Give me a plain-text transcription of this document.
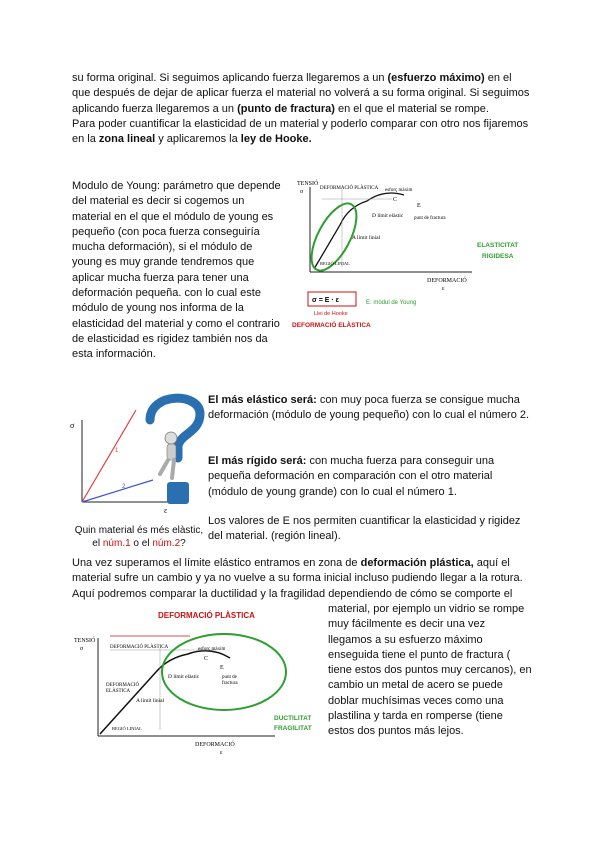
su forma original. Si seguimos aplicando fuerza llegaremos a un (esfuerzo máximo) en el que después de dejar de aplicar fuerza el material no volverá a su forma original. Si seguimos aplicando fuerza llegaremos a un (punto de fractura) en el que el material se rompe.
Para poder cuantificar la elasticidad de un material y poderlo comparar con otro nos fijaremos en la zona lineal y aplicaremos la ley de Hooke.

Modulo de Young: parámetro que depende del material es decir si cogemos un material en el que el módulo de young es pequeño (con poca fuerza conseguiría mucha deformación), si el módulo de young es muy grande tendremos que aplicar mucha fuerza para tener una deformación pequeña. con lo cual este módulo de young nos informa de la elasticidad del material y como el contrario de elasticidad es rigidez también nos da esta información.

TENSIÓ
σ
DEFORMACIÓ PLÀSTICA esforç màxim
C
D límit elàstic
E
punt de fractura
A límit linial
REGIÓ LINIAL
DEFORMACIÓ
ε
ELASTICITAT
RIGIDESA
σ = E · ε
Llei de Hooke
E: mòdul de Young
DEFORMACIÓ ELÀSTICA
σ
ε
1
2

Quin material és més elàstic,
el núm.1 o el núm.2?

El más elástico será: con muy poca fuerza se consigue mucha deformación (módulo de young pequeño) con lo cual el número 2.

El más rígido será: con mucha fuerza para conseguir una pequeña deformación en comparación con el otro material (módulo de young grande) con lo cual el número 1.

Los valores de E nos permiten cuantificar la elasticidad y rigidez del material. (región lineal).

Una vez superamos el límite elástico entramos en zona de deformación plástica, aquí el material sufre un cambio y ya no vuelve a su forma inicial incluso pudiendo llegar a la rotura. Aquí podremos comparar la ductilidad y la fragilidad dependiendo de cómo se comporte el

material, por ejemplo un vidrio se rompe muy fácilmente es decir una vez llegamos a su esfuerzo máximo enseguida tiene el punto de fractura ( tiene estos dos puntos muy cercanos), en cambio un metal de acero se puede doblar muchísimas veces como una plastilina y tarda en romperse (tiene estos dos puntos más lejos.

DEFORMACIÓ PLÀSTICA
TENSIÓ
σ	DEFORMACIÓ PLÀSTICA
DEFORMACIÓ
ELÀSTICA
esforç màxim
C
D límit elàstic
E
punt de
fractura
A límit linial
REGIÓ LINIAL
DEFORMACIÓ
ε
DUCTILITAT
FRAGILITAT
